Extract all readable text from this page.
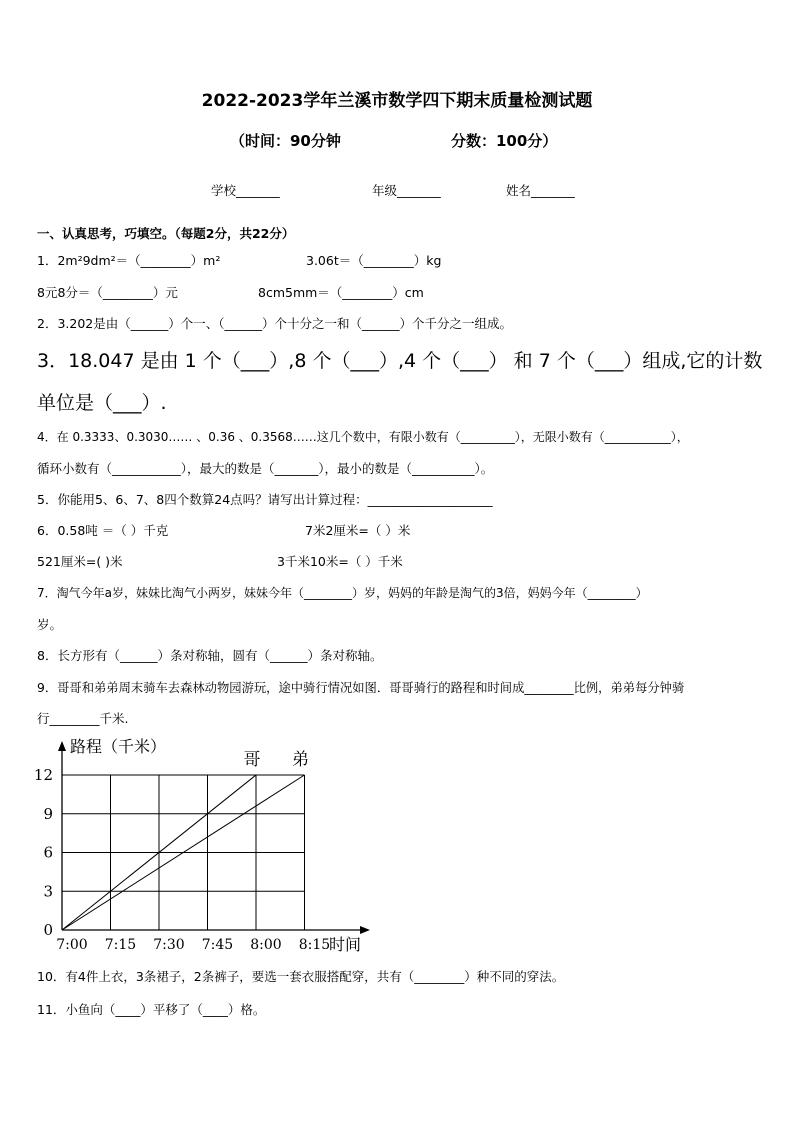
2022-2023学年兰溪市数学四下期末质量检测试题
（时间：90分钟	分数：100分）
学校_______	年级_______	姓名_______
一、认真思考，巧填空。（每题2分，共22分）
1．2m²9dm²＝（________）m²	3.06t＝（________）kg
8元8分＝（________）元	8cm5mm＝（________）cm
2．3.202是由（______）个一、（______）个十分之一和（______）个千分之一组成。
3．18.047 是由 1 个（___）,8 个（___）,4 个（___） 和 7 个（___）组成,它的计数
单位是（___）.
4．在 0.3333、0.3030…… 、0.36 、0.3568……这几个数中，有限小数有（_________），无限小数有（___________），
循环小数有（___________），最大的数是（_______），最小的数是（__________）。
5．你能用5、6、7、8四个数算24点吗？请写出计算过程：____________________
6．0.58吨 ＝（ ）千克	7米2厘米=（ ）米
521厘米=( )米	3千米10米=（ ）千米
7．淘气今年a岁，妹妹比淘气小两岁，妹妹今年（________）岁，妈妈的年龄是淘气的3倍，妈妈今年（________）
岁。
8．长方形有（______）条对称轴，圆有（______）条对称轴。
9．哥哥和弟弟周末骑车去森林动物园游玩，途中骑行情况如图．哥哥骑行的路程和时间成________比例，弟弟每分钟骑
行________千米.
0
3
6
9
12
7:00 7:15 7:30 7:45 8:00 8:15
路程（千米）
时间
哥 弟
10．有4件上衣，3条裙子，2条裤子，要选一套衣服搭配穿，共有（________）种不同的穿法。
11．小鱼向（____）平移了（____）格。
